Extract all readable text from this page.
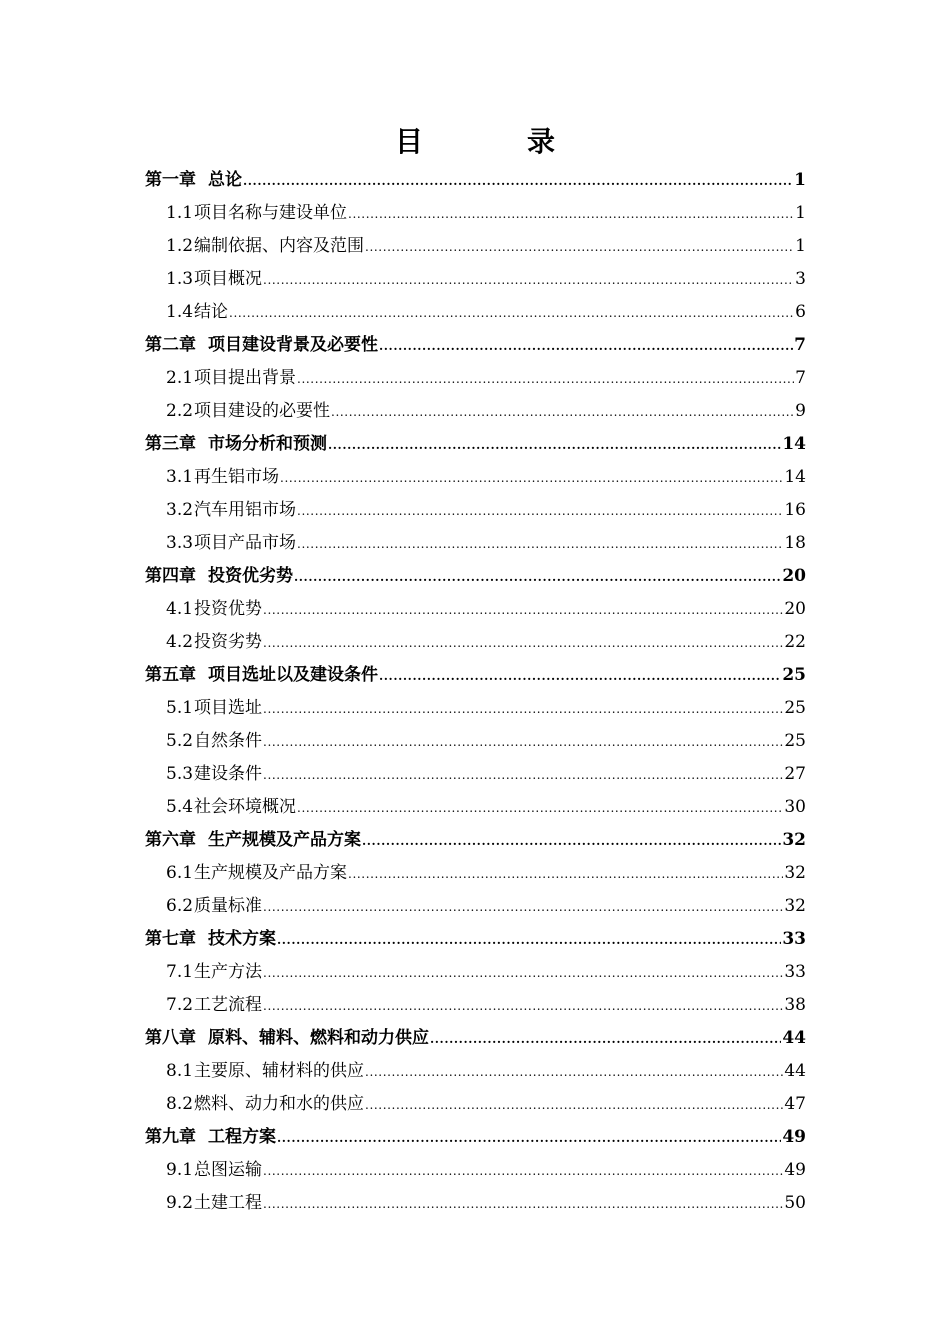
目　录
第一章 总论 .....	1
1.1项目名称与建设单位 .....	1
1.2编制依据、内容及范围 .....	1
1.3项目概况 .....	3
1.4结论 .....	6
第二章 项目建设背景及必要性 .....	7
2.1项目提出背景 .....	7
2.2项目建设的必要性 .....	9
第三章 市场分析和预测 .....	14
3.1再生铝市场 .....	14
3.2汽车用铝市场 .....	16
3.3项目产品市场 .....	18
第四章 投资优劣势 .....	20
4.1投资优势 .....	20
4.2投资劣势 .....	22
第五章 项目选址以及建设条件 .....	25
5.1项目选址 .....	25
5.2自然条件 .....	25
5.3建设条件 .....	27
5.4社会环境概况 .....	30
第六章 生产规模及产品方案 .....	32
6.1生产规模及产品方案 .....	32
6.2质量标准 .....	32
第七章 技术方案 .....	33
7.1生产方法 .....	33
7.2工艺流程 .....	38
第八章 原料、辅料、燃料和动力供应 .....	44
8.1主要原、辅材料的供应 .....	44
8.2燃料、动力和水的供应 .....	47
第九章 工程方案 .....	49
9.1总图运输 .....	49
9.2土建工程 .....	50
